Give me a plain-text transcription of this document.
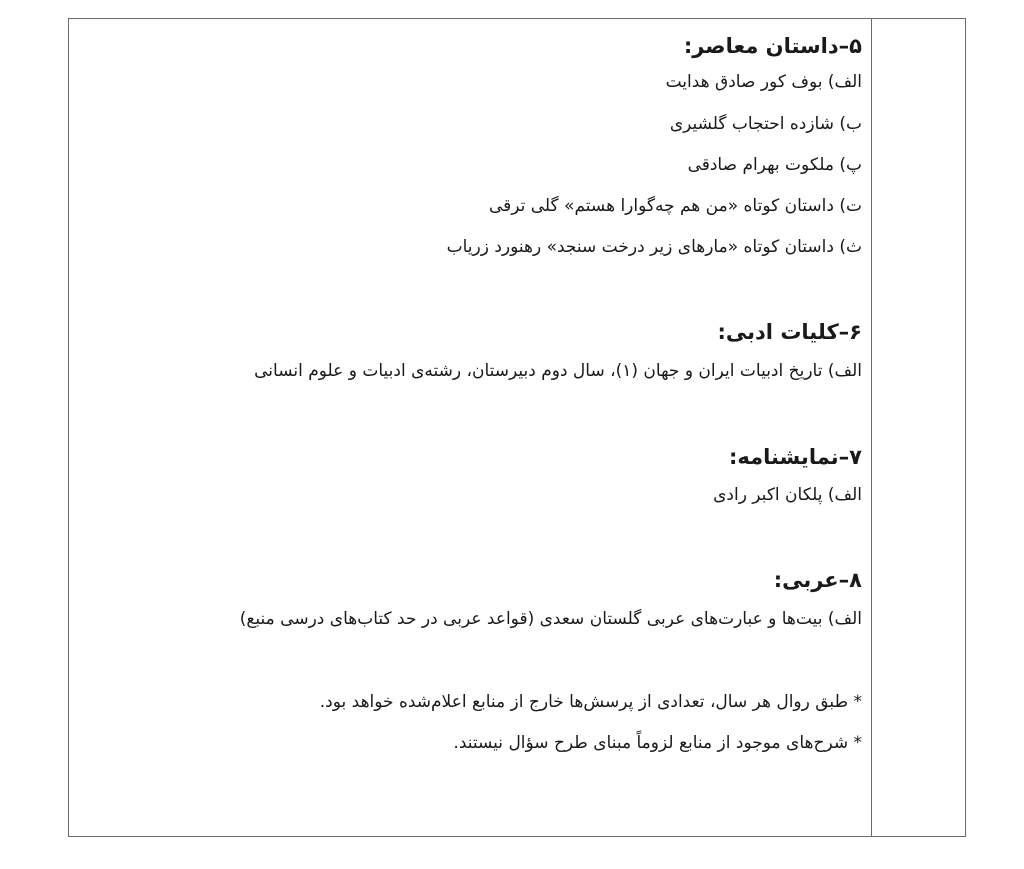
۵–داستان معاصر:
الف) بوف کور صادق هدایت
ب) شازده احتجاب گلشیری
پ) ملکوت بهرام صادقی
ت) داستان کوتاه «من هم چه‌گوارا هستم» گلی ترقی
ث) داستان کوتاه «مارهای زیر درخت سنجد» رهنورد زریاب
۶–کلیات ادبی:
الف) تاریخ ادبیات ایران و جهان (۱)، سال دوم دبیرستان، رشته‌ی ادبیات و علوم انسانی
۷–نمایشنامه:
الف) پلکان اکبر رادی
۸–عربی:
الف) بیت‌ها و عبارت‌های عربی گلستان سعدی (قواعد عربی در حد کتاب‌های درسی منبع)
* طبق روال هر سال، تعدادی از پرسش‌ها خارج از منابع اعلام‌شده خواهد بود.
* شرح‌های موجود از منابع لزوماً مبنای طرح سؤال نیستند.
